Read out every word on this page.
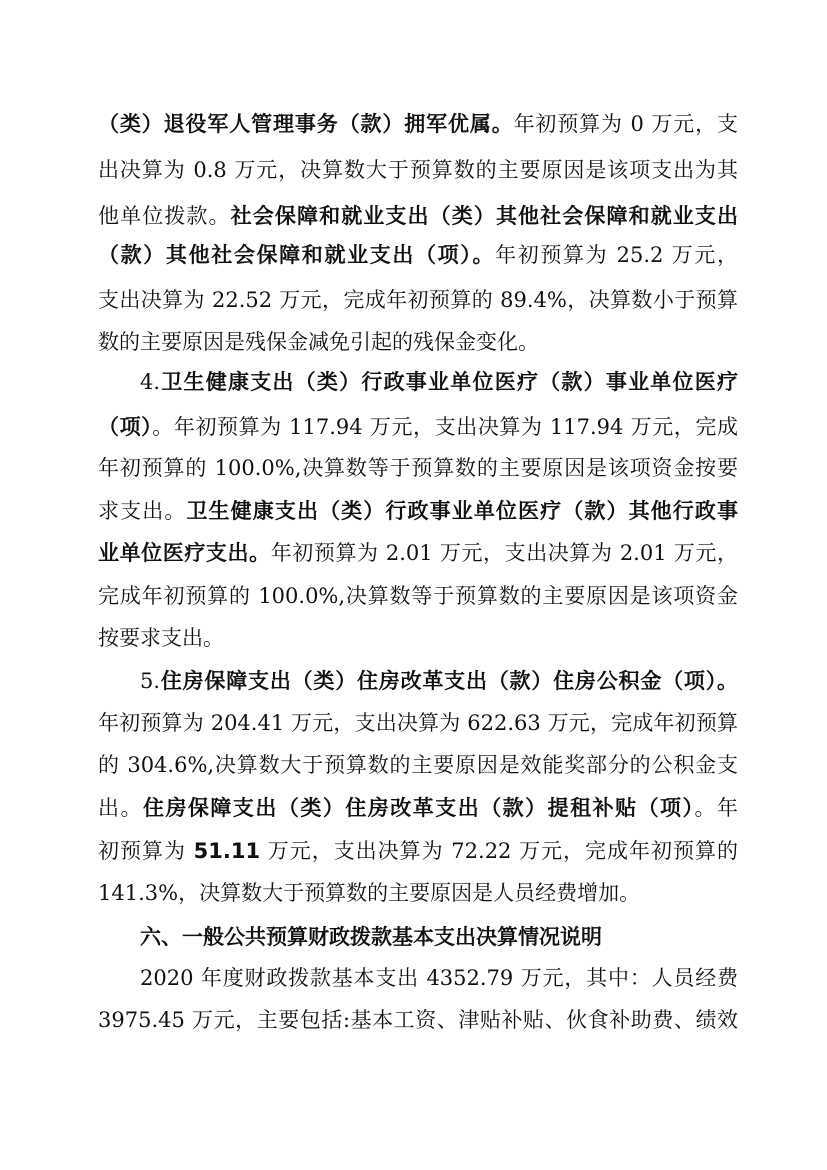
（类）退役军人管理事务（款）拥军优属。年初预算为 0 万元，支
出决算为 0.8 万元，决算数大于预算数的主要原因是该项支出为其
他单位拨款。社会保障和就业支出（类）其他社会保障和就业支出
（款）其他社会保障和就业支出（项）。年初预算为 25.2 万元，
支出决算为 22.52 万元，完成年初预算的 89.4%，决算数小于预算
数的主要原因是残保金减免引起的残保金变化。
4.卫生健康支出（类）行政事业单位医疗（款）事业单位医疗
（项）。年初预算为 117.94 万元，支出决算为 117.94 万元，完成
年初预算的 100.0%,决算数等于预算数的主要原因是该项资金按要
求支出。卫生健康支出（类）行政事业单位医疗（款）其他行政事
业单位医疗支出。年初预算为 2.01 万元，支出决算为 2.01 万元，
完成年初预算的 100.0%,决算数等于预算数的主要原因是该项资金
按要求支出。
5.住房保障支出（类）住房改革支出（款）住房公积金（项）。
年初预算为 204.41 万元，支出决算为 622.63 万元，完成年初预算
的 304.6%,决算数大于预算数的主要原因是效能奖部分的公积金支
出。住房保障支出（类）住房改革支出（款）提租补贴（项）。年
初预算为 51.11 万元，支出决算为 72.22 万元，完成年初预算的
141.3%，决算数大于预算数的主要原因是人员经费增加。
六、一般公共预算财政拨款基本支出决算情况说明
2020 年度财政拨款基本支出 4352.79 万元，其中：人员经费
3975.45 万元，主要包括:基本工资、津贴补贴、伙食补助费、绩效
